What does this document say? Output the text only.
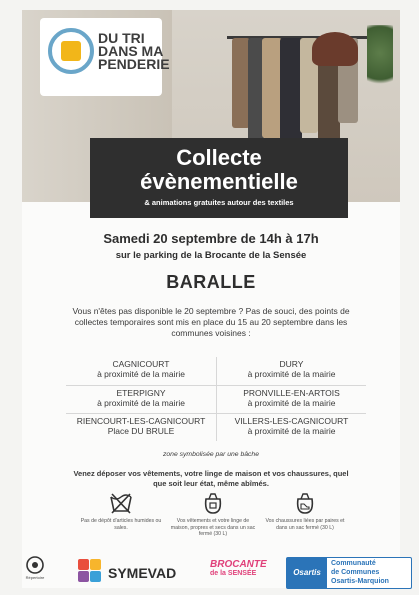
DU TRI
DANS MA
PENDERIE
Collecte
évènementielle
& animations gratuites autour des textiles
Samedi 20 septembre de 14h à 17h
sur le parking de la Brocante de la Sensée
BARALLE
Vous n'êtes pas disponible le 20 septembre ? Pas de souci, des points de collectes temporaires sont mis en place du 15 au 20 septembre dans les communes voisines :
CAGNICOURT
à proximité de la mairie
DURY
à proximité de la mairie
ETERPIGNY
à proximité de la mairie
PRONVILLE-EN-ARTOIS
à proximité de la mairie
RIENCOURT-LES-CAGNICOURT
Place DU BRULE
VILLERS-LES-CAGNICOURT
à proximité de la mairie
zone symbolisée par une bâche
Venez déposer vos vêtements, votre linge de maison et vos chaussures, quel que soit leur état, même abîmés.
Pas de dépôt d'articles humides ou sales.
Vos vêtements et votre linge de maison, propres et secs dans un sac fermé (30 L)
Vos chaussures liées par paires et dans un sac fermé (30 L)
Répertoire	SYMEVAD
BROCANTE
de la SENSÉE	Osartis
Communauté
de Communes
Osartis-Marquion
